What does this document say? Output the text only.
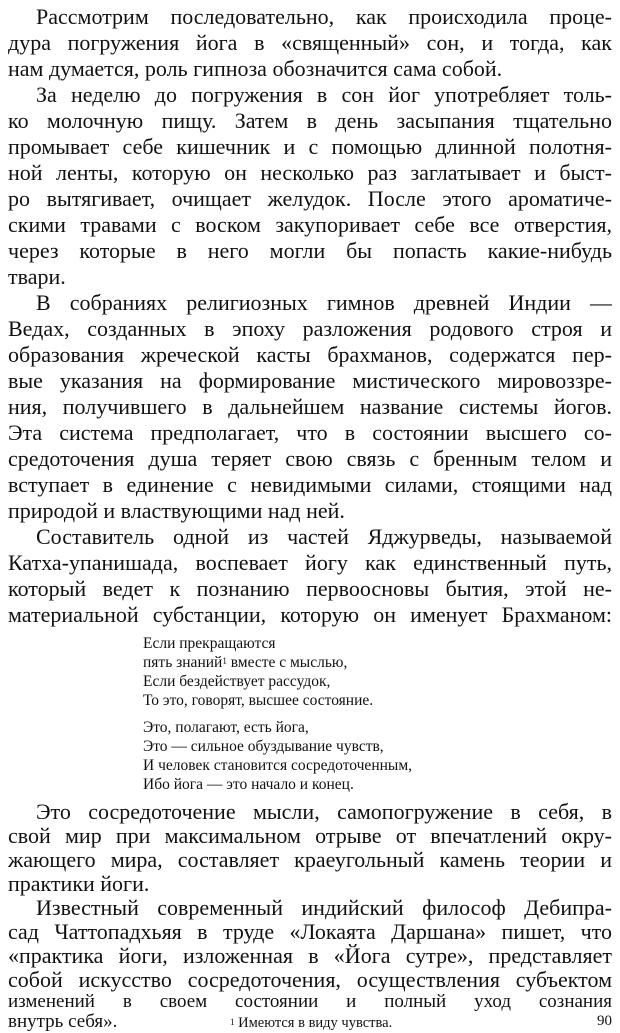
Рассмотрим последовательно, как происходила проце-
дура погружения йога в «священный» сон, и тогда, как
нам думается, роль гипноза обозначится сама собой.
За неделю до погружения в сон йог употребляет толь-
ко молочную пищу. Затем в день засыпания тщательно
промывает себе кишечник и с помощью длинной полотня-
ной ленты, которую он несколько раз заглатывает и быст-
ро вытягивает, очищает желудок. После этого ароматиче-
скими травами с воском закупоривает себе все отверстия,
через которые в него могли бы попасть какие-нибудь
твари.
В собраниях религиозных гимнов древней Индии —
Ведах, созданных в эпоху разложения родового строя и
образования жреческой касты брахманов, содержатся пер-
вые указания на формирование мистического мировоззре-
ния, получившего в дальнейшем название системы йогов.
Эта система предполагает, что в состоянии высшего со-
средоточения душа теряет свою связь с бренным телом и
вступает в единение с невидимыми силами, стоящими над
природой и властвующими над ней.
Составитель одной из частей Яджурведы, называемой
Катха-упанишада, воспевает йогу как единственный путь,
который ведет к познанию первоосновы бытия, этой не-
материальной субстанции, которую он именует Брахманом:
Если прекращаются
пять знаний$^1$ вместе с мыслью,
Если бездействует рассудок,
То это, говорят, высшее состояние.
Это, полагают, есть йога,
Это — сильное обуздывание чувств,
И человек становится сосредоточенным,
Ибо йога — это начало и конец.
Это сосредоточение мысли, самопогружение в себя, в
свой мир при максимальном отрыве от впечатлений окру-
жающего мира, составляет краеугольный камень теории и
практики йоги.
Известный современный индийский философ Дебипра-
сад Чаттопадхьяя в труде «Локаята Даршана» пишет, что
$^1$ Имеются в виду чувства.	90
«практика йоги, изложенная в «Йога сутре», представляет
собой искусство сосредоточения, осуществления субъектом
изменений в своем состоянии и полный уход сознания
внутрь себя».
